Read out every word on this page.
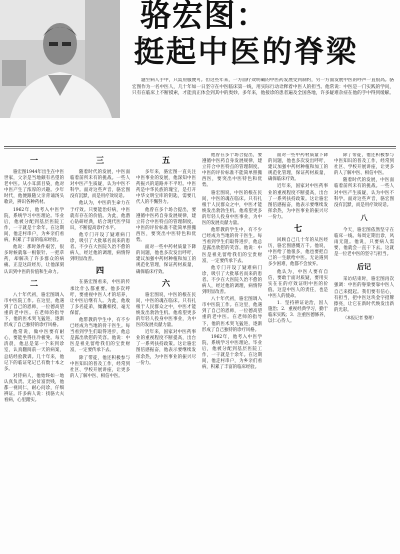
骆宏图：
挺起中医的脊梁
题至病人手中，只需煎服便可。但这些年来，一方面疗效明确的中医药发展受到制约，另一方面发展中医的呼声一直很高。骆宏图作为一名中医人，几十年如一日坚守在中医临床第一线，用实际行动诠释着中医人的担当。他常说：中医是一门实践的学问，只有在临床上不断摸索，才能真正体会到其中的奥妙。多年来，他接诊的患者遍及全国各地，许多疑难杂症在他的手中得到缓解。
一

骆宏图1944年出生在中医世家，父亲是当地颇有名望的老中医。从小耳濡目染，他对中医产生了浓厚的兴趣。少年时代，他便跟随父亲背诵汤头歌诀，辨识各种药材。

1962年，他考入中医学院，系统学习中医理论。毕业后，他被分配到基层医院工作，一干就是十余年。在这期间，他走村串户，为乡亲们看病，积累了丰富的临床经验。

他说：那时条件艰苦，很多时候就靠一根银针、一把草药，却解决了许多群众的病痛。正是这段经历，让他深刻认识到中医的价值和生命力。

二

八十年代初，骆宏图调入市中医院工作。在这里，他遇到了自己的恩师，一位德高望重的老中医。在老师的指导下，他的医术突飞猛进，逐渐形成了自己独特的诊疗风格。

他常说，做中医要有耐心，要能坐得住冷板凳。每天清晨，他总是第一个来到诊室，认真翻阅前一天的病案，总结经验教训。几十年来，他记下的临证笔记已有数十本之多。

对待病人，他始终如一地认真负责。无论贫富贵贱，他都一视同仁，耐心问诊，仔细辨证。许多病人说：找骆大夫看病，心里踏实。

三

随着时代的发展，中医面临着前所未有的挑战。一些人对中医产生质疑，认为中医不科学。面对这些声音，骆宏图没有沉默，而是用疗效说话。

他认为，中医的生命力在于疗效。只要能治好病，中医就有存在的价值。为此，他潜心钻研经典，结合现代医学知识，不断提高诊疗水平。

他专门开设了疑难病门诊，吸引了大批慕名而来的患者。不少在大医院久治不愈的病人，经过他的调理，病情得到明显改善。

四

在骆宏图看来，中医的传承比什么都重要。他多次呼吁，要重视中医人才的培养，让中医后继有人。为此，他收了多名徒弟，倾囊相授，毫无保留。

他带教的学生中，有不少已经成为当地的骨干医生。每当看到学生们取得进步，他总是露出欣慰的笑容。他说：中医是祖先留给我们的宝贵财富，一定要传承下去。

除了带徒，他还积极参与中医知识的普及工作，经常到社区、学校开展讲座，让更多的人了解中医、相信中医。

五

多年来，骆宏图一直关注中医事业的发展，他深知中医药振兴的道路并不平坦。中医药是中华民族的瑰宝，是打开中华文明宝库的钥匙，需要几代人的不懈努力。

他曾在多个场合提出，要遵循中医药自身发展规律，建立符合中医特点的管理制度。中医的评价标准不能简单照搬西医，要突出中医特色和优势。

面对一些中药材质量下降的问题，他也多次发出呼吁，建议加强中药材种植和加工的规范化管理，保证药材质量，确保临床疗效。

六

骆宏图说，中医的根在民间，中医的魂在临床。只有扎根于人民群众之中，中医才能焕发出勃勃生机。他希望更多的年轻人投身中医事业，为中医的发展贡献力量。

近年来，国家对中医药事业的重视程度不断提高，出台了一系列扶持政策。这让骆宏图倍感振奋，他表示要继续发挥余热，为中医事业的振兴尽一份力。

他曾在多个场合提出，要遵循中医药自身发展规律，建立符合中医特点的管理制度。中医的评价标准不能简单照搬西医，要突出中医特色和优势。

骆宏图说，中医的根在民间，中医的魂在临床。只有扎根于人民群众之中，中医才能焕发出勃勃生机。他希望更多的年轻人投身中医事业，为中医的发展贡献力量。

他带教的学生中，有不少已经成为当地的骨干医生。每当看到学生们取得进步，他总是露出欣慰的笑容。他说：中医是祖先留给我们的宝贵财富，一定要传承下去。

他专门开设了疑难病门诊，吸引了大批慕名而来的患者。不少在大医院久治不愈的病人，经过他的调理，病情得到明显改善。

八十年代初，骆宏图调入市中医院工作。在这里，他遇到了自己的恩师，一位德高望重的老中医。在老师的指导下，他的医术突飞猛进，逐渐形成了自己独特的诊疗风格。

1962年，他考入中医学院，系统学习中医理论。毕业后，他被分配到基层医院工作，一干就是十余年。在这期间，他走村串户，为乡亲们看病，积累了丰富的临床经验。

面对一些中药材质量下降的问题，他也多次发出呼吁，建议加强中药材种植和加工的规范化管理，保证药材质量，确保临床疗效。

近年来，国家对中医药事业的重视程度不断提高，出台了一系列扶持政策。这让骆宏图倍感振奋，他表示要继续发挥余热，为中医事业的振兴尽一份力。

七

回顾自己几十年的从医经历，骆宏图感慨万千。他说，中医给了他很多，他也要把自己的一生献给中医。无论遇到多少困难，他都不会放弃。

他认为，中医人要有自信，要敢于面对质疑，要用实实在在的疗效证明中医的价值。这是中医人的责任，也是中医人的使命。

1．坚持辨证论治，因人施治；2．重视经典学习，勤于临床实践；3．注重医德修养，以仁心待人。

除了带徒，他还积极参与中医知识的普及工作，经常到社区、学校开展讲座，让更多的人了解中医、相信中医。

随着时代的发展，中医面临着前所未有的挑战。一些人对中医产生质疑，认为中医不科学。面对这些声音，骆宏图没有沉默，而是用疗效说话。

八

今天，骆宏图依然坚守在临床一线。每周定期出诊，风雨无阻。他说，只要病人需要，他就会一直干下去。这就是一位老中医的坚守与担当。

后记

采访结束时，骆宏图再次强调：中医的脊梁要靠中医人自己来挺起。我们要有信心，有担当，把中医这块金字招牌擦亮，让它在新时代焕发出新的光彩。

（本报记者 整理）
